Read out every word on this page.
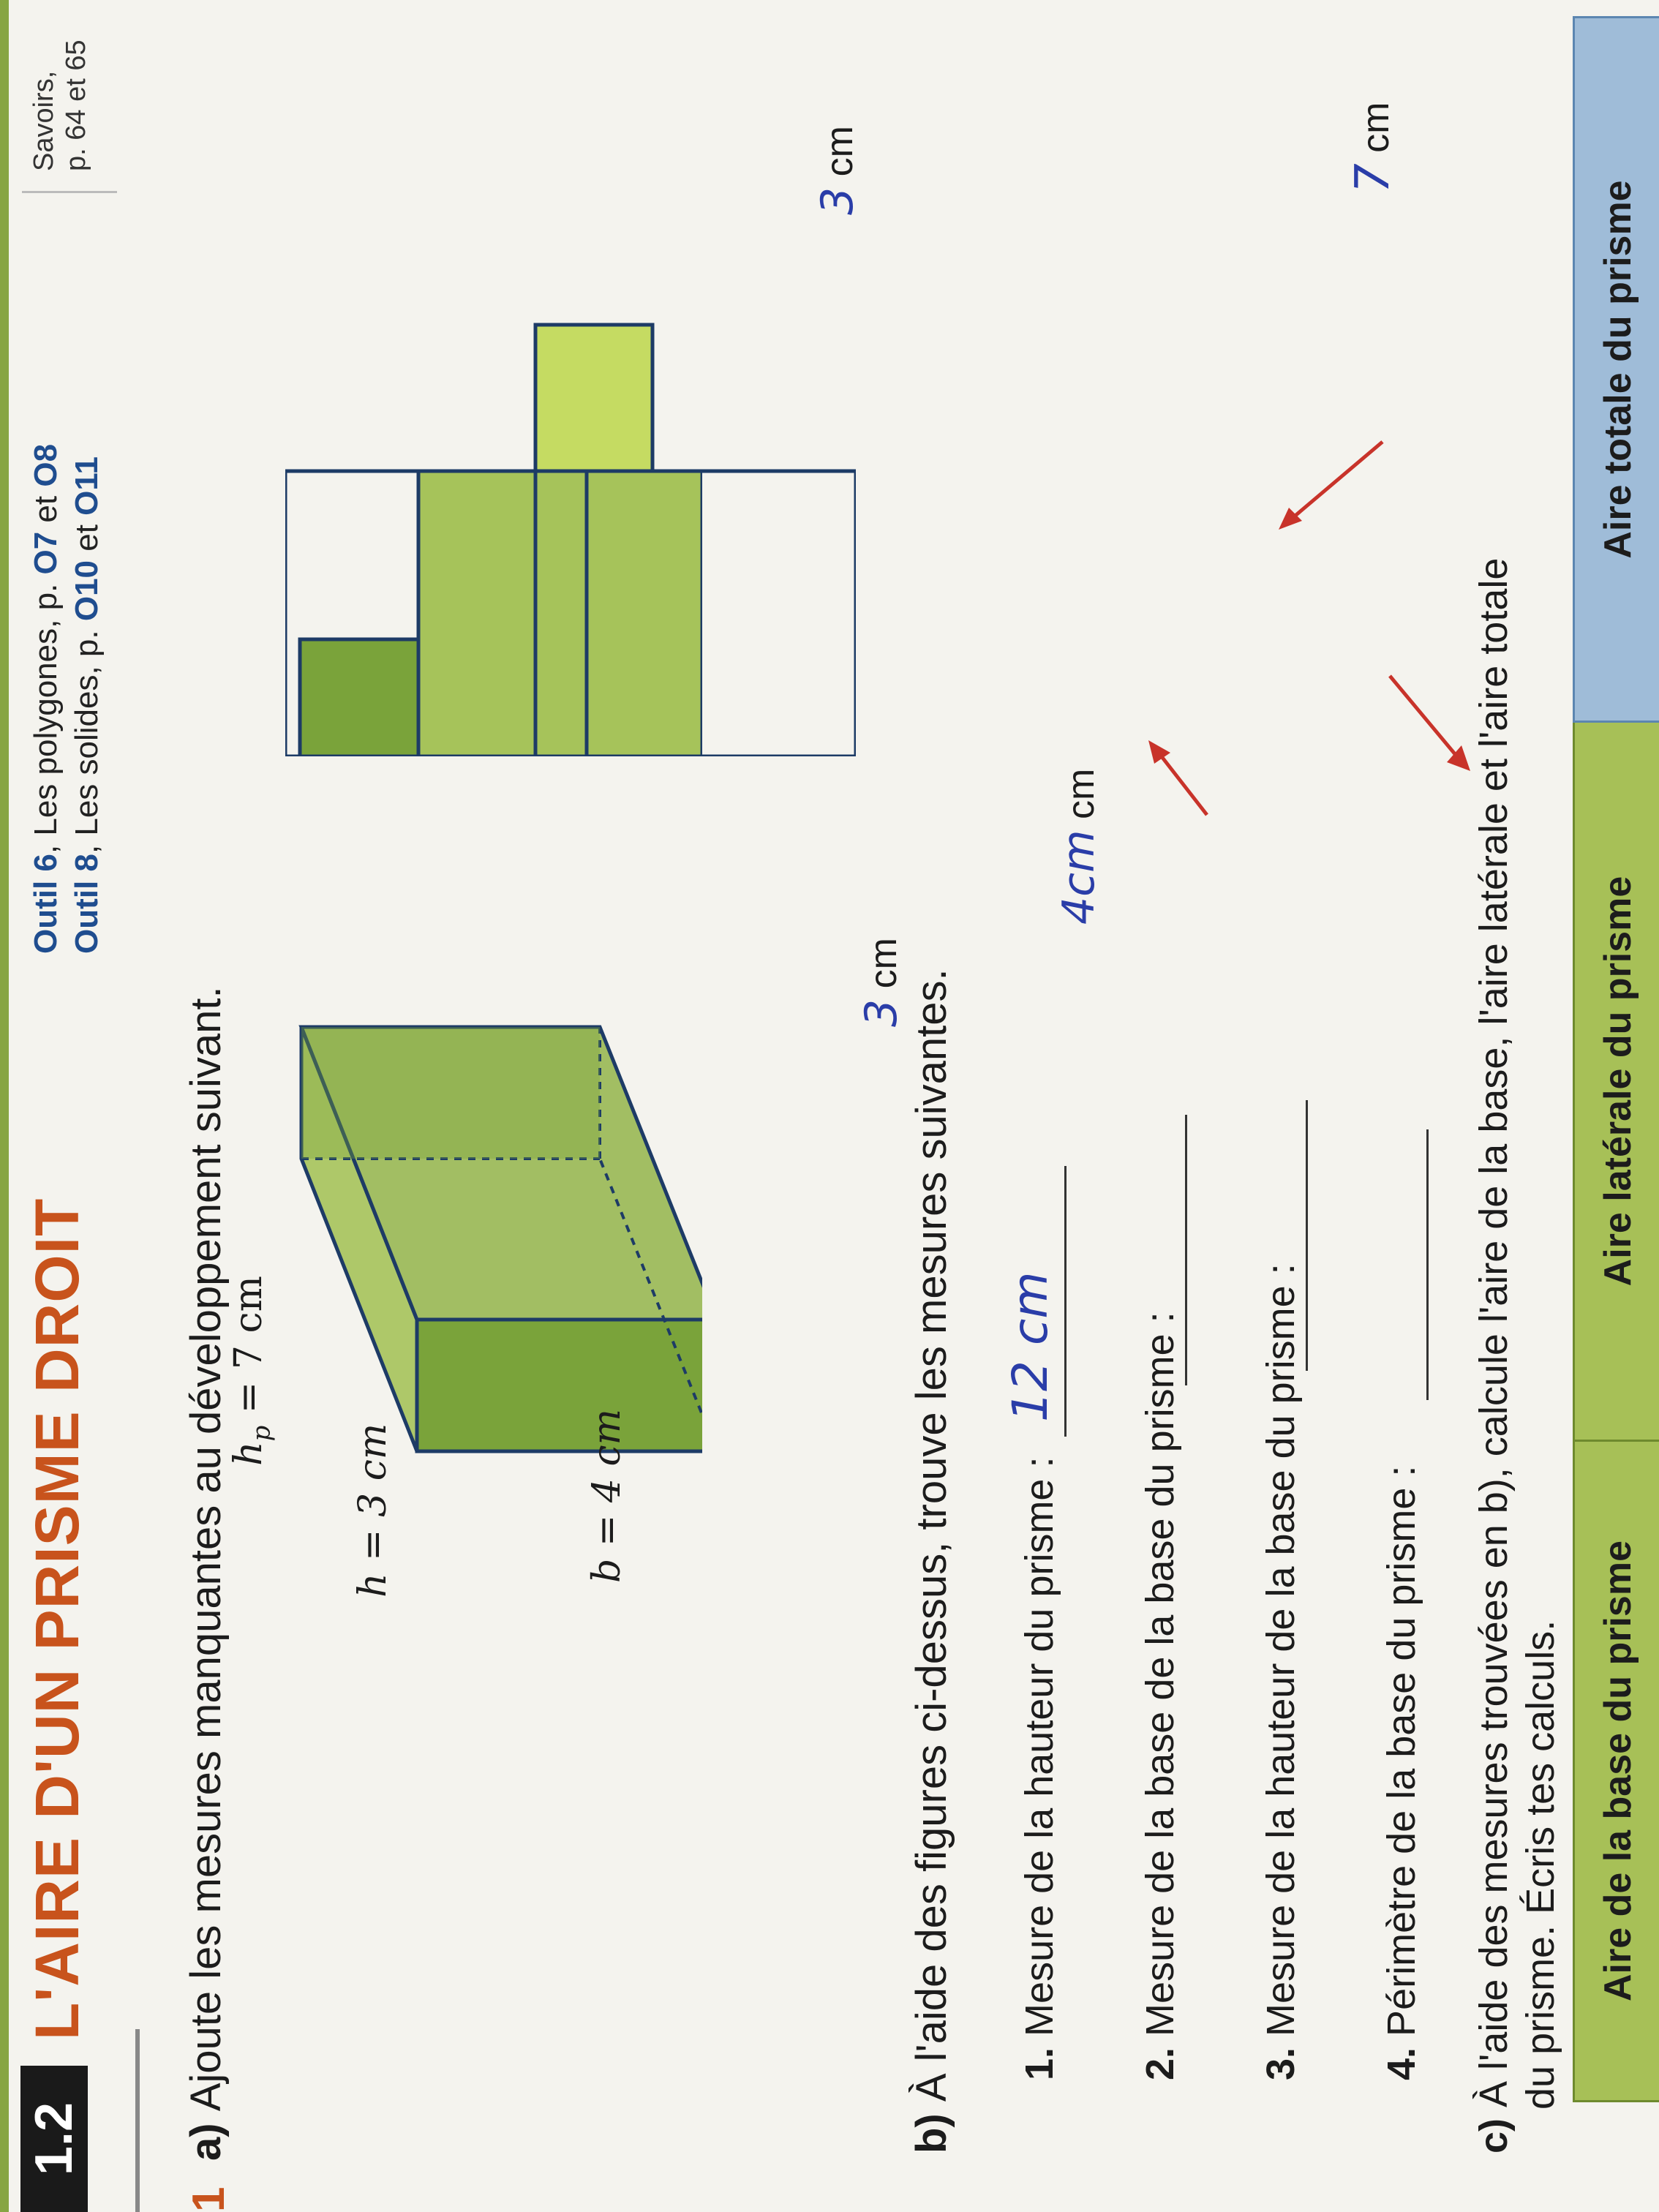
1.2
L'AIRE D'UN PRISME DROIT
Outil 6, Les polygones, p. O7 et O8
Outil 8, Les solides, p. O10 et O11
Savoirs, p. 64 et 65
1
a) Ajoute les mesures manquantes au développement suivant.
$h_p = 7$ cm
h = 3 cm	b = 4 cm
7 cm
4cm cm
3 cm
3 cm
b) À l'aide des figures ci-dessus, trouve les mesures suivantes. 1. Mesure de la hauteur du prisme :
12 cm
2. Mesure de la base de la base du prisme :
3. Mesure de la hauteur de la base du prisme :
4. Périmètre de la base du prisme :
c) À l'aide des mesures trouvées en b), calcule l'aire de la base, l'aire latérale et l'aire totale du prisme. Écris tes calculs. Aire de la base du prisme
Aire latérale du prisme
Aire totale du prisme
